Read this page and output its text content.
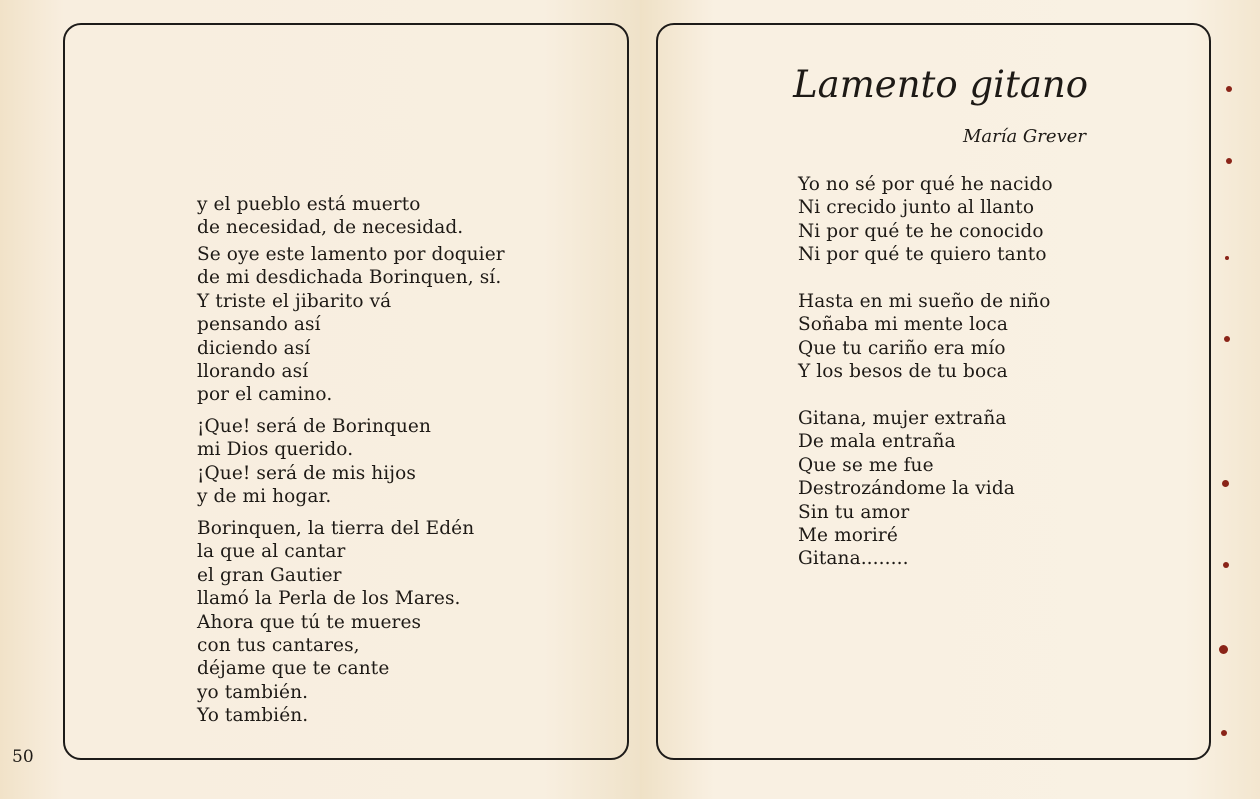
y el pueblo está muerto
de necesidad, de necesidad.
Se oye este lamento por doquier
de mi desdichada Borinquen, sí.
Y triste el jibarito vá
pensando así
diciendo así
llorando así
por el camino.
¡Que! será de Borinquen
mi Dios querido.
¡Que! será de mis hijos
y de mi hogar.
Borinquen, la tierra del Edén
la que al cantar
el gran Gautier
llamó la Perla de los Mares.
Ahora que tú te mueres
con tus cantares,
déjame que te cante
yo también.
Yo también.
50
Lamento gitano
María Grever
Yo no sé por qué he nacido
Ni crecido junto al llanto
Ni por qué te he conocido
Ni por qué te quiero tanto
Hasta en mi sueño de niño
Soñaba mi mente loca
Que tu cariño era mío
Y los besos de tu boca
Gitana, mujer extraña
De mala entraña
Que se me fue
Destrozándome la vida
Sin tu amor
Me moriré
Gitana........
